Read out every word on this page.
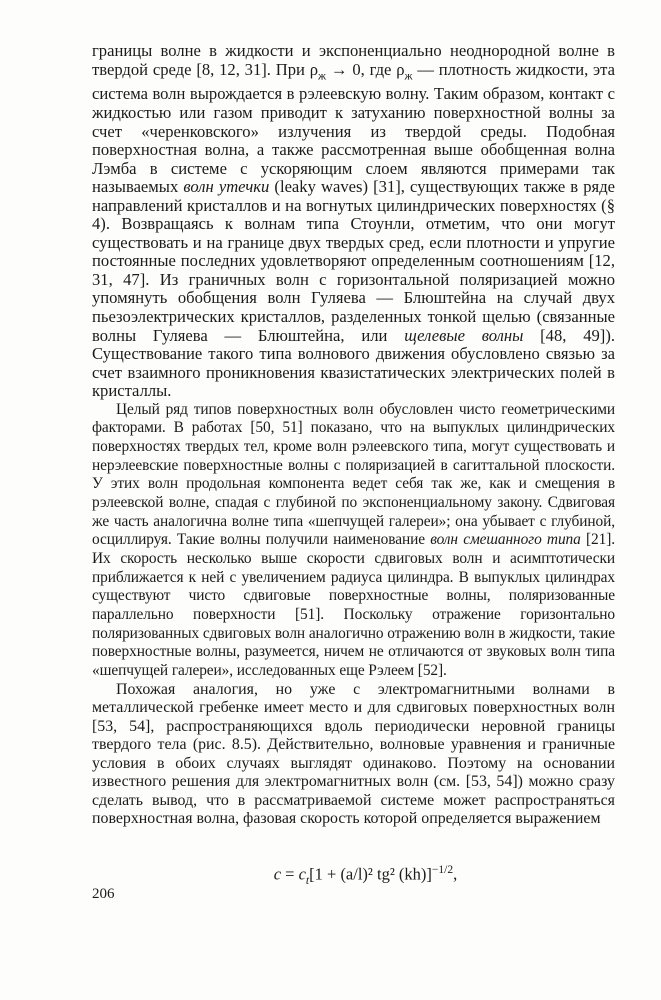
границы волне в жидкости и экспоненциально неоднородной волне в твердой среде [8, 12, 31]. При $\rho_ж \to 0$, где $\rho_ж$ — плотность жидкости, эта система волн вырождается в рэлеевскую волну. Таким образом, контакт с жидкостью или газом приводит к затуханию поверхностной волны за счет «черенковского» излучения из твердой среды. Подобная поверхностная волна, а также рассмотренная выше обобщенная волна Лэмба в системе с ускоряющим слоем являются примерами так называемых волн утечки (leaky waves) [31], существующих также в ряде направлений кристаллов и на вогнутых цилиндрических поверхностях (§ 4). Возвращаясь к волнам типа Стоунли, отметим, что они могут существовать и на границе двух твердых сред, если плотности и упругие постоянные последних удовлетворяют определенным соотношениям [12, 31, 47]. Из граничных волн с горизонтальной поляризацией можно упомянуть обобщения волн Гуляева — Блюштейна на случай двух пьезоэлектрических кристаллов, разделенных тонкой щелью (связанные волны Гуляева — Блюштейна, или щелевые волны [48, 49]). Существование такого типа волнового движения обусловлено связью за счет взаимного проникновения квазистатических электрических полей в кристаллы.

Целый ряд типов поверхностных волн обусловлен чисто геометрическими факторами. В работах [50, 51] показано, что на выпуклых цилиндрических поверхностях твердых тел, кроме волн рэлеевского типа, могут существовать и нерэлеевские поверхностные волны с поляризацией в сагиттальной плоскости. У этих волн продольная компонента ведет себя так же, как и смещения в рэлеевской волне, спадая с глубиной по экспоненциальному закону. Сдвиговая же часть аналогична волне типа «шепчущей галереи»; она убывает с глубиной, осциллируя. Такие волны получили наименование волн смешанного типа [21]. Их скорость несколько выше скорости сдвиговых волн и асимптотически приближается к ней с увеличением радиуса цилиндра. В выпуклых цилиндрах существуют чисто сдвиговые поверхностные волны, поляризованные параллельно поверхности [51]. Поскольку отражение горизонтально поляризованных сдвиговых волн аналогично отражению волн в жидкости, такие поверхностные волны, разумеется, ничем не отличаются от звуковых волн типа «шепчущей галереи», исследованных еще Рэлеем [52].

Похожая аналогия, но уже с электромагнитными волнами в металлической гребенке имеет место и для сдвиговых поверхностных волн [53, 54], распространяющихся вдоль периодически неровной границы твердого тела (рис. 8.5). Действительно, волновые уравнения и граничные условия в обоих случаях выглядят одинаково. Поэтому на основании известного решения для электромагнитных волн (см. [53, 54]) можно сразу сделать вывод, что в рассматриваемой системе может распространяться поверхностная волна, фазовая скорость которой определяется выражением

$c = c_t[1 + (a/l)^2$ tg² (kh)]$^{-1/2}$,
206
